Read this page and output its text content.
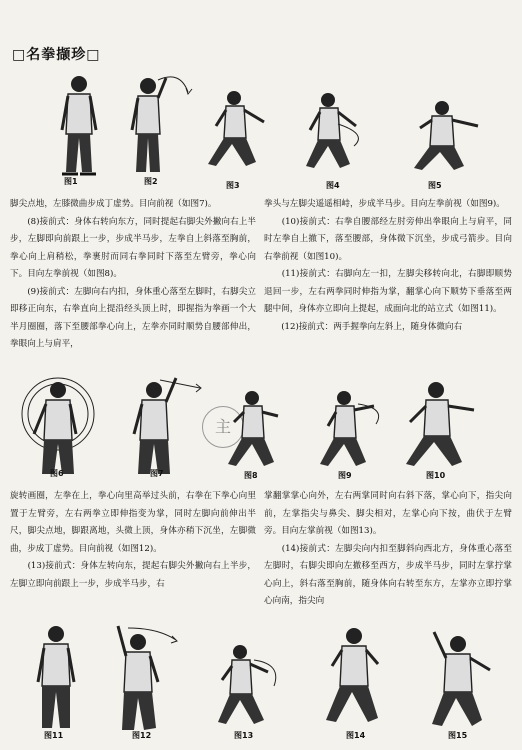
□名拳撷珍□
图1	图2	图3	图4	图5

脚尖点地，左膝微曲步成丁虚势。目向前视（如图7)。
　　(8)接前式：身体右转向东方，同时提起右脚尖外撇向右上半步，左脚即向前跟上一步，步成半马步，左拳自上斜落至胸前，拳心向上肩稍松，拳裹肘而同右拳同时下落至左臂旁，拳心向下。目向左拳前视（如图8)。
　　(9)接前式：左脚向右内扣，身体重心落至左脚时，右脚尖立即移正向东，右拳直向上提沿经头顶上时，即握指为拳画一个大半月圈圈，落下至腰部拳心向上，左拳亦同时顺势自腰部伸出，拳眼向上与肩平，

拳头与左脚尖遥遥相峙，步成半马步。目向左拳前视（如图9)。
　　(10)接前式：右拳自腰部经左肘旁伸出拳眼向上与肩平，同时左拳自上撤下，落至腰部，身体微下沉坐，步成弓箭步。目向右拳前视（如图10)。
　　(11)接前式：右脚向左一扣，左脚尖移转向北，右脚即顺势退回一步，左右两拳同时伸指为掌，翻掌心向下顺势下垂落至两腿中间，身体亦立即向上提起，成面向北的站立式（如图11)。
　　(12)接前式：两手握拳向左斜上，随身体微向右

图6	图7
主
图8	图9	图10

旋转画圈，左拳在上，拳心向里高举过头前，右拳在下拳心向里置于左臂旁，左右两拳立即伸指变为掌，同时左脚向前伸出半尺，脚尖点地，脚跟离地，头微上顶，身体亦稍下沉坐，左脚微曲，步成丁虚势。目向前视（如图12)。
　　(13)接前式：身体左转向东，提起右脚尖外撇向右上半步，左脚立即向前跟上一步，步成半马步，右

掌翻掌掌心向外，左右两掌同时向右斜下落，掌心向下，指尖向前，左掌指尖与鼻尖、脚尖相对，左掌心向下按，曲伏于左臂旁。目向左掌前视（如图13)。
　　(14)接前式：左脚尖向内扣至脚斜向西北方，身体重心落至左脚时，右脚尖即向左撤移至西方，步成半马步，同时左掌拧掌心向上，斜右落至胸前，随身体向右转至东方，左掌亦立即拧掌心向南，指尖向

图11	图12	图13	图14	图15
